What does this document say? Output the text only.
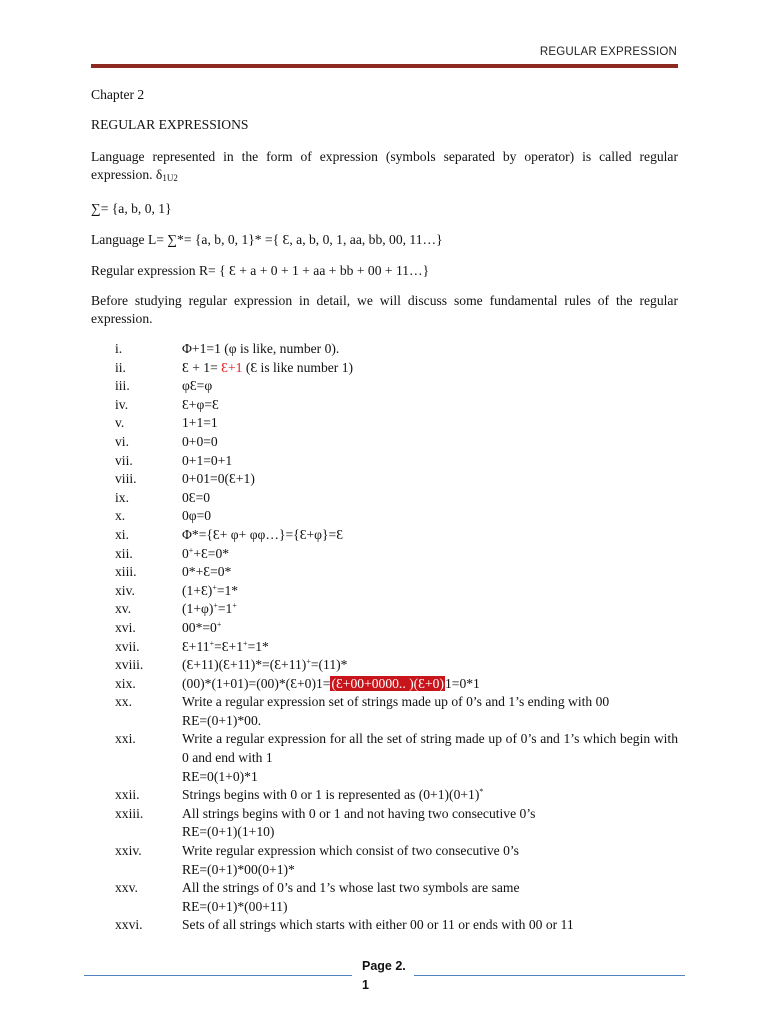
REGULAR EXPRESSION

Chapter 2

REGULAR EXPRESSIONS

Language represented in the form of expression (symbols separated by operator) is called regular expression. $\delta_{1U2}$

∑= {a, b, 0, 1}

Language L= ∑*= {a, b, 0, 1}* ={ Ɛ, a, b, 0, 1, aa, bb, 00, 11…}

Regular expression R= { Ɛ + a + 0 + 1 + aa + bb + 00 + 11…}

Before studying regular expression in detail, we will discuss some fundamental rules of the regular expression.

i.	Φ+1=1 (φ is like, number 0).
ii.	Ɛ + 1= Ɛ+1 (Ɛ is like number 1)
iii.	φƐ=φ
iv.	Ɛ+φ=Ɛ
v.	1+1=1
vi.	0+0=0
vii.	0+1=0+1
viii.	0+01=0(Ɛ+1)
ix.	0Ɛ=0
x.	0φ=0
xi.	Φ*={Ɛ+ φ+ φφ…}={Ɛ+φ}=Ɛ
xii.	0++Ɛ=0*
xiii.	0*+Ɛ=0*
xiv.	(1+Ɛ)+=1*
xv.	(1+φ)+=1+
xvi.	00*=0+
xvii.	Ɛ+11+=Ɛ+1+=1*
xviii.	(Ɛ+11)(Ɛ+11)*=(Ɛ+11)+=(11)*
xix.	(00)*(1+01)=(00)*(Ɛ+0)1=(Ɛ+00+0000.. )(Ɛ+0)1=0*1
xx.	Write a regular expression set of strings made up of 0’s and 1’s ending with 00
RE=(0+1)*00.
xxi.	Write a regular expression for all the set of string made up of 0’s and 1’s which begin with 0 and end with 1
RE=0(1+0)*1
xxii.	Strings begins with 0 or 1 is represented as (0+1)(0+1)*
xxiii.	All strings begins with 0 or 1 and not having two consecutive 0’s
RE=(0+1)(1+10)
xxiv.	Write regular expression which consist of two consecutive 0’s
RE=(0+1)*00(0+1)*
xxv.	All the strings of 0’s and 1’s whose last two symbols are same
RE=(0+1)*(00+11)
xxvi.	Sets of all strings which starts with either 00 or 11 or ends with 00 or 11
Page 2.
1
